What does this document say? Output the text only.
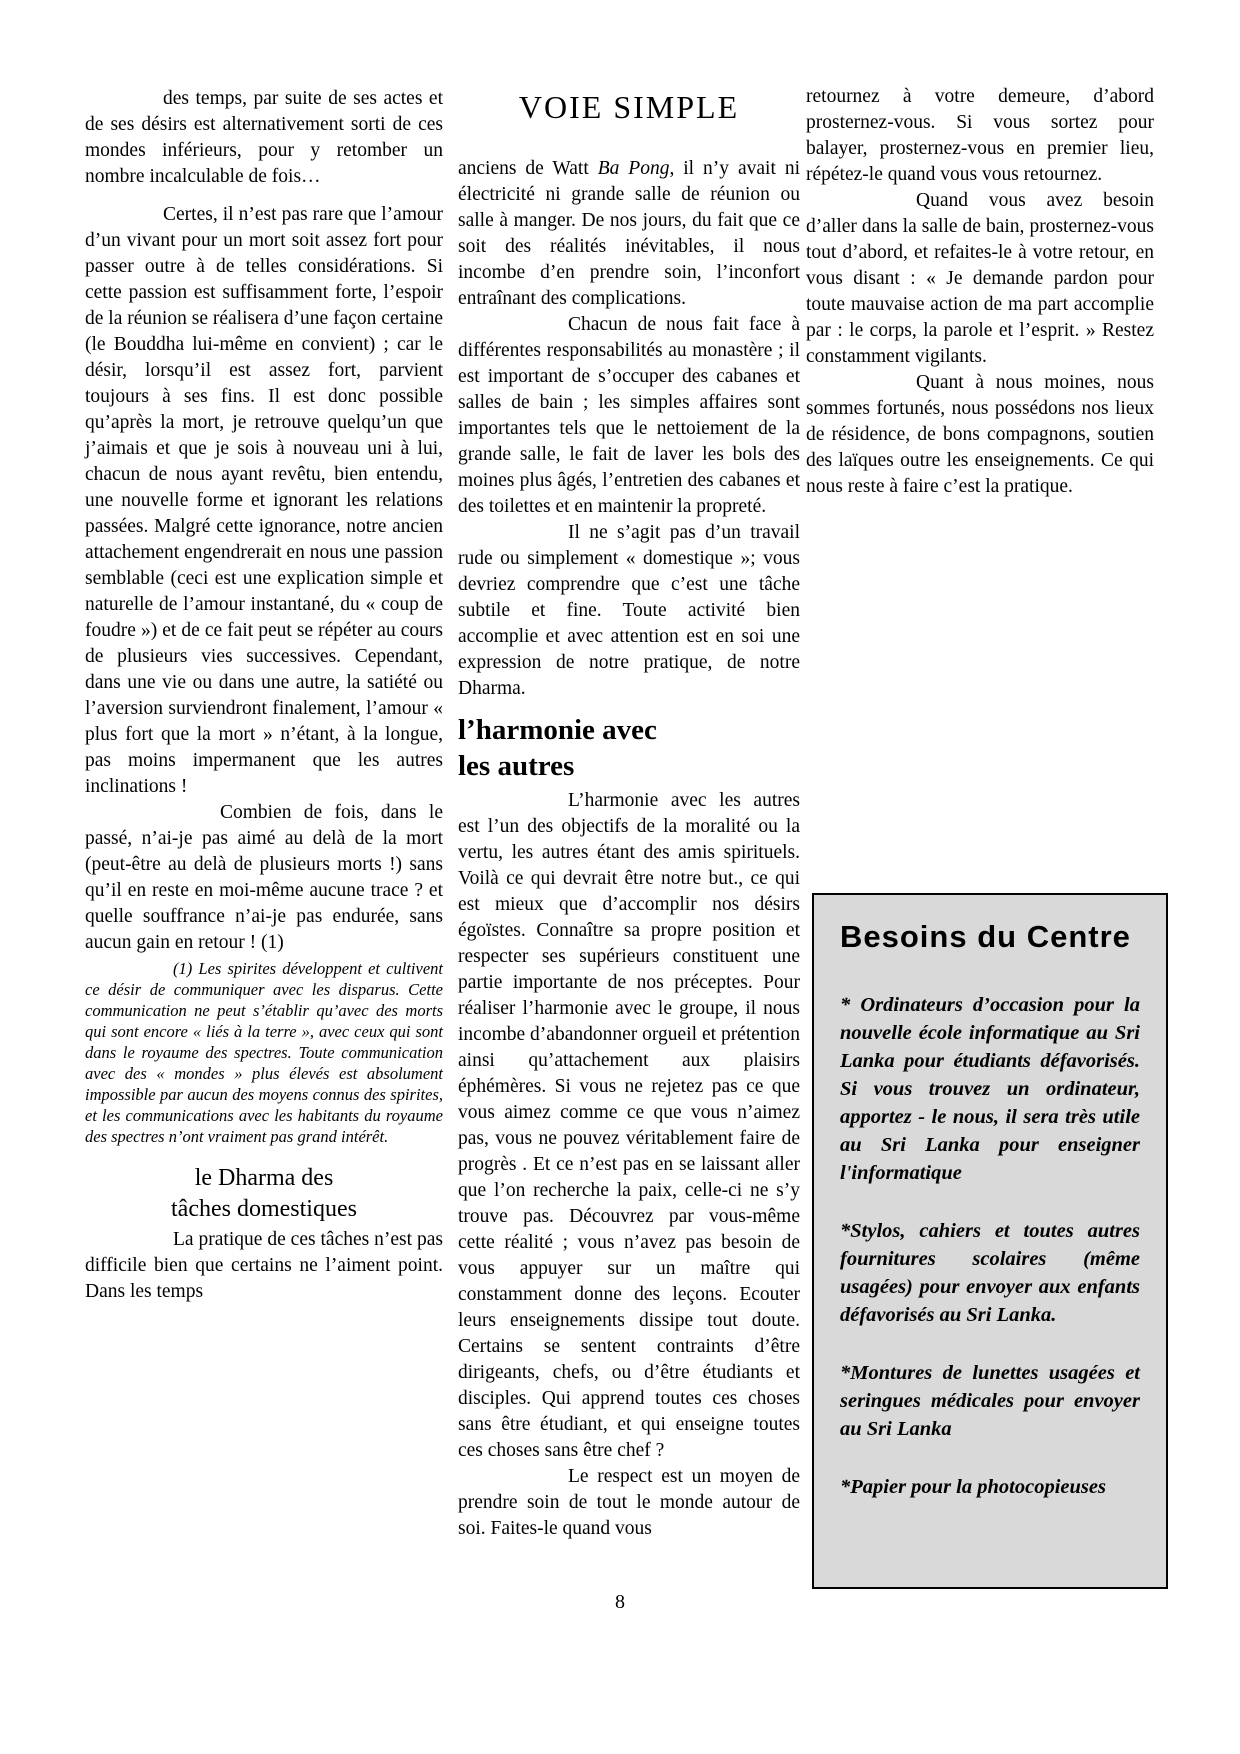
des temps, par suite de ses actes et de ses désirs est alternativement sorti de ces mondes inférieurs, pour y retomber un nombre incalculable de fois…

Certes, il n’est pas rare que l’amour d’un vivant pour un mort soit assez fort pour passer outre à de telles considérations. Si cette passion est suffisamment forte, l’espoir de la réunion se réalisera d’une façon certaine (le Bouddha lui-même en convient) ; car le désir, lorsqu’il est assez fort, parvient toujours à ses fins. Il est donc possible qu’après la mort, je retrouve quelqu’un que j’aimais et que je sois à nouveau uni à lui, chacun de nous ayant revêtu, bien entendu, une nouvelle forme et ignorant les relations passées. Malgré cette ignorance, notre ancien attachement engendrerait en nous une passion semblable (ceci est une explication simple et naturelle de l’amour instantané, du « coup de foudre ») et de ce fait peut se répéter au cours de plusieurs vies successives. Cependant, dans une vie ou dans une autre, la satiété ou l’aversion surviendront finalement, l’amour « plus fort que la mort » n’étant, à la longue, pas moins impermanent que les autres inclinations !

Combien de fois, dans le passé, n’ai-je pas aimé au delà de la mort (peut-être au delà de plusieurs morts !) sans qu’il en reste en moi-même aucune trace ? et quelle souffrance n’ai-je pas endurée, sans aucun gain en retour ! (1)

(1) Les spirites développent et cultivent ce désir de communiquer avec les disparus. Cette communication ne peut s’établir qu’avec des morts qui sont encore « liés à la terre », avec ceux qui sont dans le royaume des spectres. Toute communication avec des « mondes » plus élevés est absolument impossible par aucun des moyens connus des spirites, et les communications avec les habitants du royaume des spectres n’ont vraiment pas grand intérêt.

le Dharma des
tâches domestiques

La pratique de ces tâches n’est pas difficile bien que certains ne l’aiment point. Dans les temps

VOIE SIMPLE

anciens de Watt Ba Pong, il n’y avait ni électricité ni grande salle de réunion ou salle à manger. De nos jours, du fait que ce soit des réalités inévitables, il nous incombe d’en prendre soin, l’inconfort entraînant des complications.

Chacun de nous fait face à différentes responsabilités au monastère ; il est important de s’occuper des cabanes et salles de bain ; les simples affaires sont importantes tels que le nettoiement de la grande salle, le fait de laver les bols des moines plus âgés, l’entretien des cabanes et des toilettes et en maintenir la propreté.

Il ne s’agit pas d’un travail rude ou simplement « domestique »; vous devriez comprendre que c’est une tâche subtile et fine. Toute activité bien accomplie et avec attention est en soi une expression de notre pratique, de notre Dharma.

l’harmonie avec
les autres

L’harmonie avec les autres est l’un des objectifs de la moralité ou la vertu, les autres étant des amis spirituels. Voilà ce qui devrait être notre but., ce qui est mieux que d’accomplir nos désirs égoïstes. Connaître sa propre position et respecter ses supérieurs constituent une partie importante de nos préceptes. Pour réaliser l’harmonie avec le groupe, il nous incombe d’abandonner orgueil et prétention ainsi qu’attachement aux plaisirs éphémères. Si vous ne rejetez pas ce que vous aimez comme ce que vous n’aimez pas, vous ne pouvez véritablement faire de progrès . Et ce n’est pas en se laissant aller que l’on recherche la paix, celle-ci ne s’y trouve pas. Découvrez par vous-même cette réalité ; vous n’avez pas besoin de vous appuyer sur un maître qui constamment donne des leçons. Ecouter leurs enseignements dissipe tout doute. Certains se sentent contraints d’être dirigeants, chefs, ou d’être étudiants et disciples. Qui apprend toutes ces choses sans être étudiant, et qui enseigne toutes ces choses sans être chef ?

Le respect est un moyen de prendre soin de tout le monde autour de soi. Faites-le quand vous

retournez à votre demeure, d’abord prosternez-vous. Si vous sortez pour balayer, prosternez-vous en premier lieu, répétez-le quand vous vous retournez.

Quand vous avez besoin d’aller dans la salle de bain, prosternez-vous tout d’abord, et refaites-le à votre retour, en vous disant : « Je demande pardon pour toute mauvaise action de ma part accomplie par : le corps, la parole et l’esprit. » Restez constamment vigilants.

Quant à nous moines, nous sommes fortunés, nous possédons nos lieux de résidence, de bons compagnons, soutien des laïques outre les enseignements. Ce qui nous reste à faire c’est la pratique.

Besoins du Centre

* Ordinateurs d’occasion pour la nouvelle école informatique au Sri Lanka pour étudiants défavorisés. Si vous trouvez un ordinateur, apportez - le nous, il sera très utile au Sri Lanka pour enseigner l'informatique

*Stylos, cahiers et toutes autres fournitures scolaires (même usagées) pour envoyer aux enfants défavorisés au Sri Lanka.

*Montures de lunettes usagées et seringues médicales pour envoyer au Sri Lanka

*Papier pour la photocopieuses

8
